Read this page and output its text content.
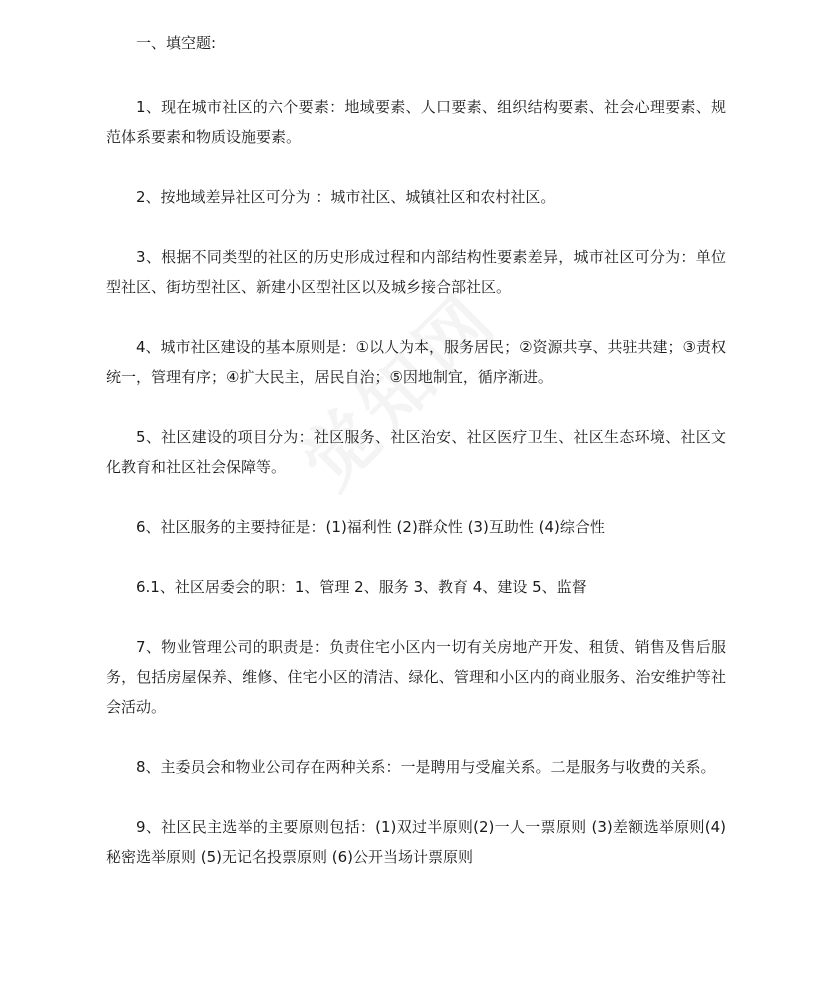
一、填空题:

1、现在城市社区的六个要素：地域要素、人口要素、组织结构要素、社会心理要素、规范体系要素和物质设施要素。

2、按地域差异社区可分为 ：城市社区、城镇社区和农村社区。

3、根据不同类型的社区的历史形成过程和内部结构性要素差异，城市社区可分为：单位型社区、街坊型社区、新建小区型社区以及城乡接合部社区。

4、城市社区建设的基本原则是：①以人为本，服务居民；②资源共享、共驻共建；③责权统一，管理有序；④扩大民主，居民自治；⑤因地制宜，循序渐进。

5、社区建设的项目分为：社区服务、社区治安、社区医疗卫生、社区生态环境、社区文化教育和社区社会保障等。

6、社区服务的主要持征是：(1)福利性 (2)群众性 (3)互助性 (4)综合性

6.1、社区居委会的职：1、管理 2、服务 3、教育 4、建设 5、监督

7、物业管理公司的职责是：负责住宅小区内一切有关房地产开发、租赁、销售及售后服务，包括房屋保养、维修、住宅小区的清洁、绿化、管理和小区内的商业服务、治安维护等社会活动。

8、主委员会和物业公司存在两种关系：一是聘用与受雇关系。二是服务与收费的关系。

9、社区民主选举的主要原则包括：(1)双过半原则(2)一人一票原则 (3)差额选举原则(4)秘密选举原则 (5)无记名投票原则 (6)公开当场计票原则
